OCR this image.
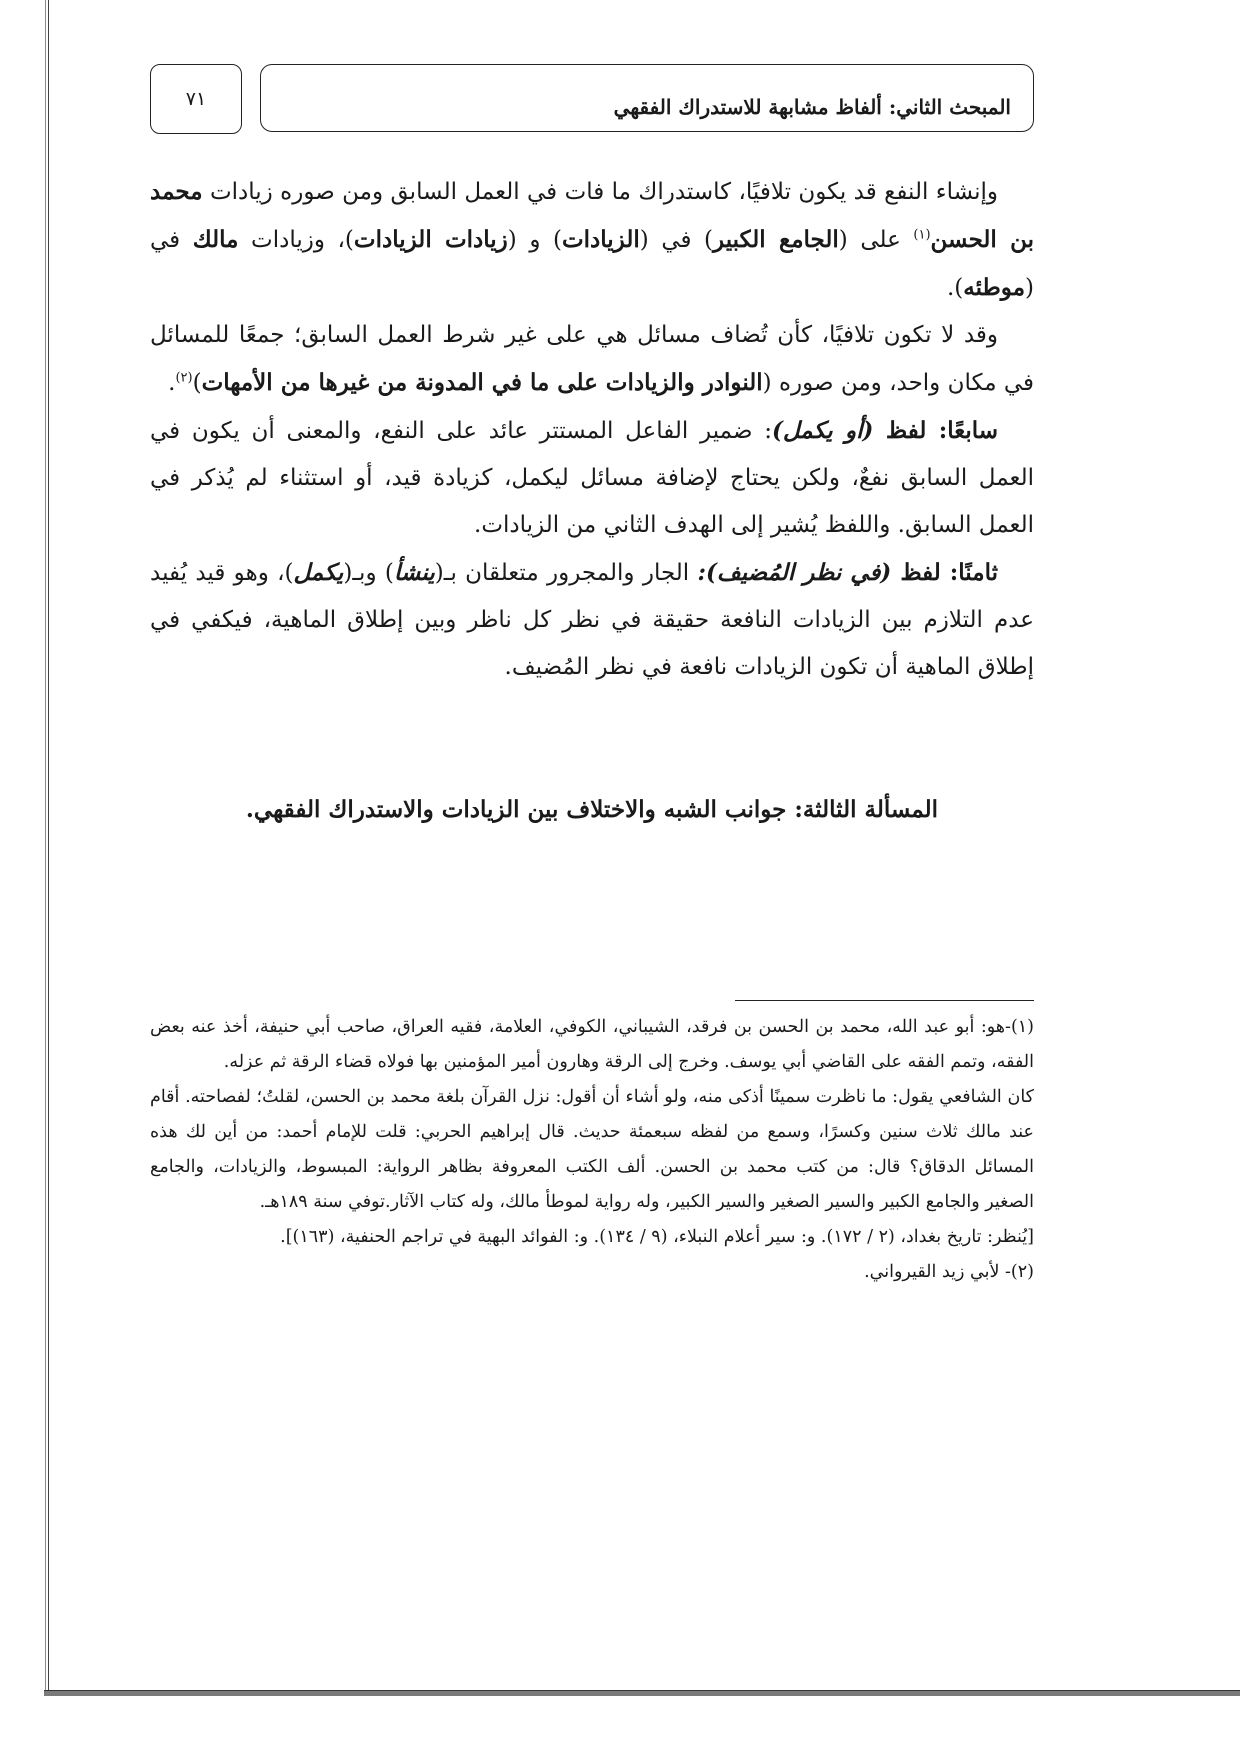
المبحث الثاني: ألفاظ مشابهة للاستدراك الفقهي
٧١

وإنشاء النفع قد يكون تلافيًا، كاستدراك ما فات في العمل السابق ومن صوره زيادات محمد بن الحسن$^{(١)}$ على (الجامع الكبير) في (الزيادات) و (زيادات الزيادات)، وزيادات مالك في (موطئه).

وقد لا تكون تلافيًا، كأن تُضاف مسائل هي على غير شرط العمل السابق؛ جمعًا للمسائل في مكان واحد، ومن صوره (النوادر والزيادات على ما في المدونة من غيرها من الأمهات)$^{(٢)}$.

سابعًا: لفظ (أو يكمل): ضمير الفاعل المستتر عائد على النفع، والمعنى أن يكون في العمل السابق نفعٌ، ولكن يحتاج لإضافة مسائل ليكمل، كزيادة قيد، أو استثناء لم يُذكر في العمل السابق. واللفظ يُشير إلى الهدف الثاني من الزيادات.

ثامنًا: لفظ (في نظر المُضيف): الجار والمجرور متعلقان بـ(ينشأ) وبـ(يكمل)، وهو قيد يُفيد عدم التلازم بين الزيادات النافعة حقيقة في نظر كل ناظر وبين إطلاق الماهية، فيكفي في إطلاق الماهية أن تكون الزيادات نافعة في نظر المُضيف.

المسألة الثالثة: جوانب الشبه والاختلاف بين الزيادات والاستدراك الفقهي.

(١)-هو: أبو عبد الله، محمد بن الحسن بن فرقد، الشيباني، الكوفي، العلامة، فقيه العراق، صاحب أبي حنيفة، أخذ عنه بعض الفقه، وتمم الفقه على القاضي أبي يوسف. وخرج إلى الرقة وهارون أمير المؤمنين بها فولاه قضاء الرقة ثم عزله.

كان الشافعي يقول: ما ناظرت سمينًا أذكى منه، ولو أشاء أن أقول: نزل القرآن بلغة محمد بن الحسن، لقلتُ؛ لفصاحته. أقام عند مالك ثلاث سنين وكسرًا، وسمع من لفظه سبعمئة حديث. قال إبراهيم الحربي: قلت للإمام أحمد: من أين لك هذه المسائل الدقاق؟ قال: من كتب محمد بن الحسن. ألف الكتب المعروفة بظاهر الرواية: المبسوط، والزيادات، والجامع الصغير والجامع الكبير والسير الصغير والسير الكبير، وله رواية لموطأ مالك، وله كتاب الآثار.توفي سنة ١٨٩هـ.

[يُنظر: تاريخ بغداد، (٢ / ١٧٢). و: سير أعلام النبلاء، (٩ / ١٣٤). و: الفوائد البهية في تراجم الحنفية، (١٦٣)].

(٢)- لأبي زيد القيرواني.
